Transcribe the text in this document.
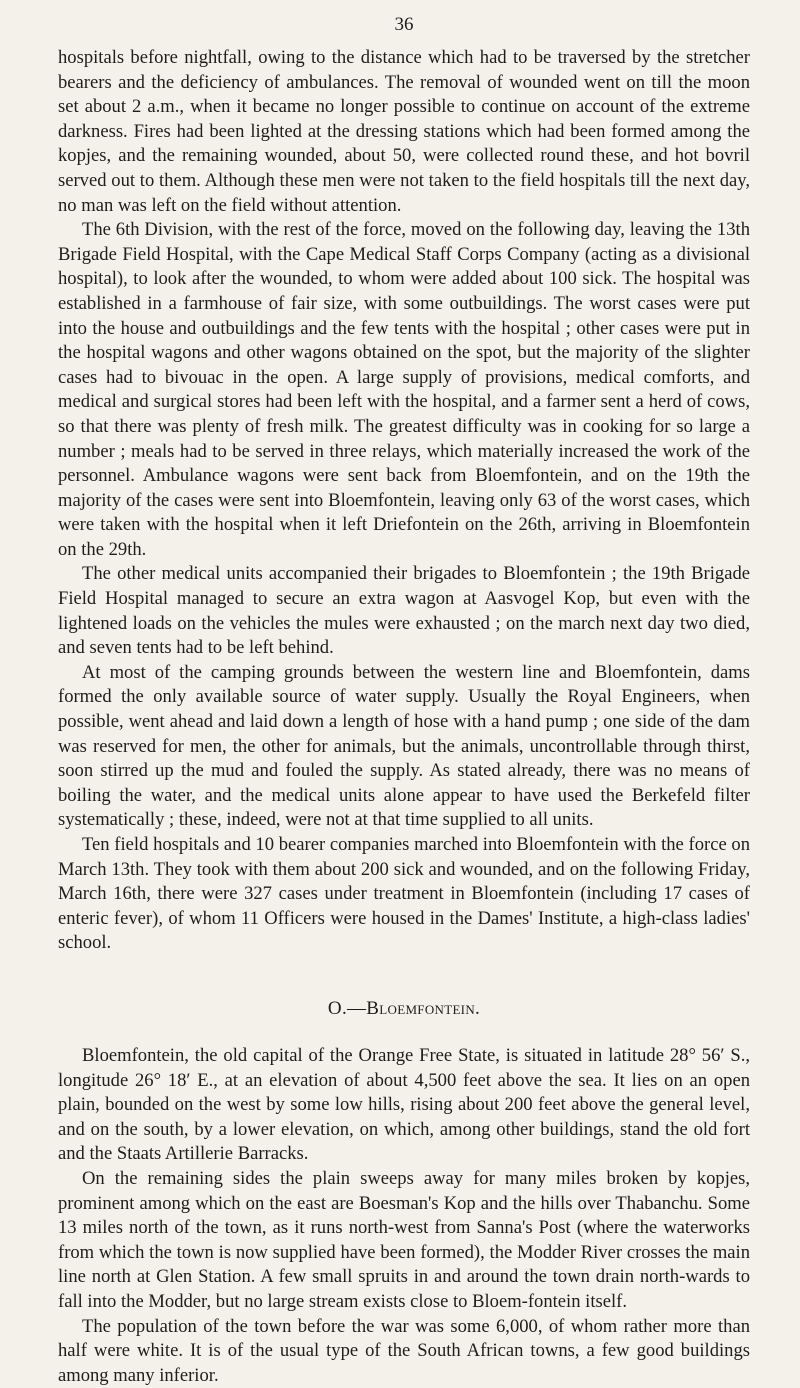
36

hospitals before nightfall, owing to the distance which had to be traversed by the stretcher bearers and the deficiency of ambulances. The removal of wounded went on till the moon set about 2 a.m., when it became no longer possible to continue on account of the extreme darkness. Fires had been lighted at the dressing stations which had been formed among the kopjes, and the remaining wounded, about 50, were collected round these, and hot bovril served out to them. Although these men were not taken to the field hospitals till the next day, no man was left on the field without attention.

The 6th Division, with the rest of the force, moved on the following day, leaving the 13th Brigade Field Hospital, with the Cape Medical Staff Corps Company (acting as a divisional hospital), to look after the wounded, to whom were added about 100 sick. The hospital was established in a farmhouse of fair size, with some outbuildings. The worst cases were put into the house and outbuildings and the few tents with the hospital ; other cases were put in the hospital wagons and other wagons obtained on the spot, but the majority of the slighter cases had to bivouac in the open. A large supply of provisions, medical comforts, and medical and surgical stores had been left with the hospital, and a farmer sent a herd of cows, so that there was plenty of fresh milk. The greatest difficulty was in cooking for so large a number ; meals had to be served in three relays, which materially increased the work of the personnel. Ambulance wagons were sent back from Bloemfontein, and on the 19th the majority of the cases were sent into Bloemfontein, leaving only 63 of the worst cases, which were taken with the hospital when it left Driefontein on the 26th, arriving in Bloemfontein on the 29th.

The other medical units accompanied their brigades to Bloemfontein ; the 19th Brigade Field Hospital managed to secure an extra wagon at Aasvogel Kop, but even with the lightened loads on the vehicles the mules were exhausted ; on the march next day two died, and seven tents had to be left behind.

At most of the camping grounds between the western line and Bloemfontein, dams formed the only available source of water supply. Usually the Royal Engineers, when possible, went ahead and laid down a length of hose with a hand pump ; one side of the dam was reserved for men, the other for animals, but the animals, uncontrollable through thirst, soon stirred up the mud and fouled the supply. As stated already, there was no means of boiling the water, and the medical units alone appear to have used the Berkefeld filter systematically ; these, indeed, were not at that time supplied to all units.

Ten field hospitals and 10 bearer companies marched into Bloemfontein with the force on March 13th. They took with them about 200 sick and wounded, and on the following Friday, March 16th, there were 327 cases under treatment in Bloemfontein (including 17 cases of enteric fever), of whom 11 Officers were housed in the Dames' Institute, a high-class ladies' school.

O.—Bloemfontein.

Bloemfontein, the old capital of the Orange Free State, is situated in latitude 28° 56′ S., longitude 26° 18′ E., at an elevation of about 4,500 feet above the sea. It lies on an open plain, bounded on the west by some low hills, rising about 200 feet above the general level, and on the south, by a lower elevation, on which, among other buildings, stand the old fort and the Staats Artillerie Barracks.

On the remaining sides the plain sweeps away for many miles broken by kopjes, prominent among which on the east are Boesman's Kop and the hills over Thabanchu. Some 13 miles north of the town, as it runs north-west from Sanna's Post (where the waterworks from which the town is now supplied have been formed), the Modder River crosses the main line north at Glen Station. A few small spruits in and around the town drain north-wards to fall into the Modder, but no large stream exists close to Bloem-fontein itself.

The population of the town before the war was some 6,000, of whom rather more than half were white. It is of the usual type of the South African towns, a few good buildings among many inferior.
